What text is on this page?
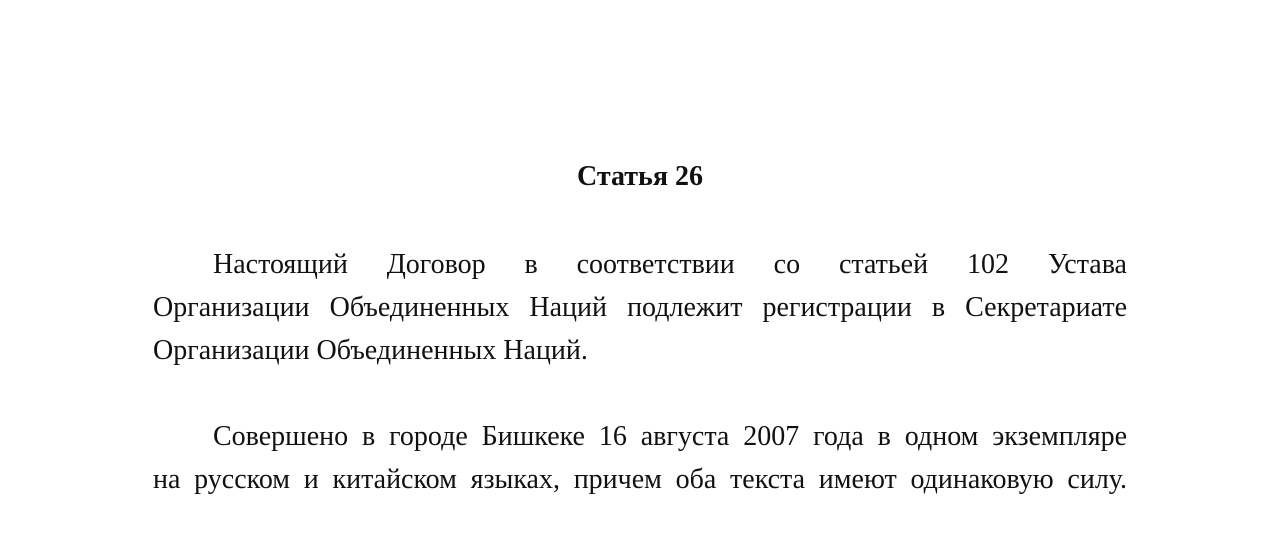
Статья 26

Настоящий Договор в соответствии со статьей 102 Устава
Организации Объединенных Наций подлежит регистрации в Секретариате
Организации Объединенных Наций.

Совершено в городе Бишкеке 16 августа 2007 года в одном экземпляре
на русском и китайском языках, причем оба текста имеют одинаковую силу.
